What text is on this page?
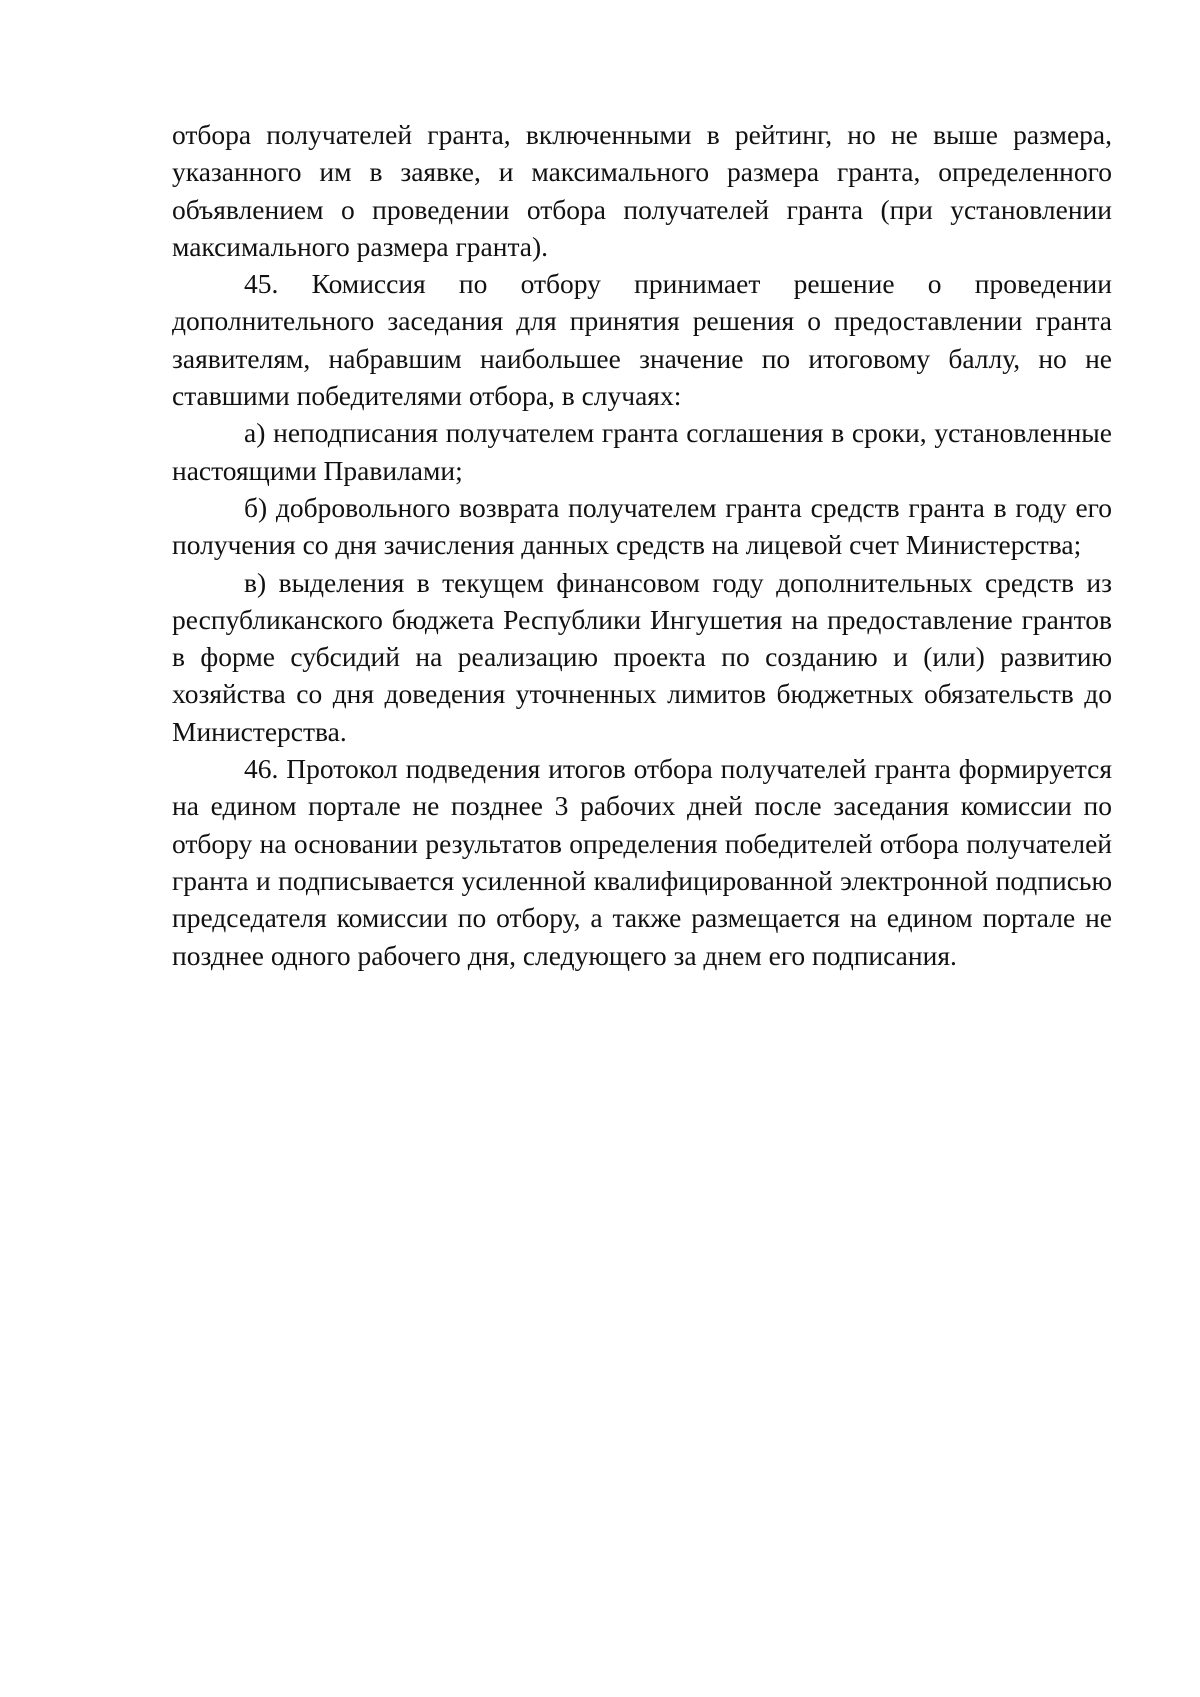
отбора получателей гранта, включенными в рейтинг, но не выше размера, указанного им в заявке, и максимального размера гранта, определенного объявлением о проведении отбора получателей гранта (при установлении максимального размера гранта).

45. Комиссия по отбору принимает решение о проведении дополнительного заседания для принятия решения о предоставлении гранта заявителям, набравшим наибольшее значение по итоговому баллу, но не ставшими победителями отбора, в случаях:

а) неподписания получателем гранта соглашения в сроки, установленные настоящими Правилами;

б) добровольного возврата получателем гранта средств гранта в году его получения со дня зачисления данных средств на лицевой счет Министерства;

в) выделения в текущем финансовом году дополнительных средств из республиканского бюджета Республики Ингушетия на предоставление грантов в форме субсидий на реализацию проекта по созданию и (или) развитию хозяйства со дня доведения уточненных лимитов бюджетных обязательств до Министерства.

46. Протокол подведения итогов отбора получателей гранта формируется на едином портале не позднее 3 рабочих дней после заседания комиссии по отбору на основании результатов определения победителей отбора получателей гранта и подписывается усиленной квалифицированной электронной подписью председателя комиссии по отбору, а также размещается на едином портале не позднее одного рабочего дня, следующего за днем его подписания.
